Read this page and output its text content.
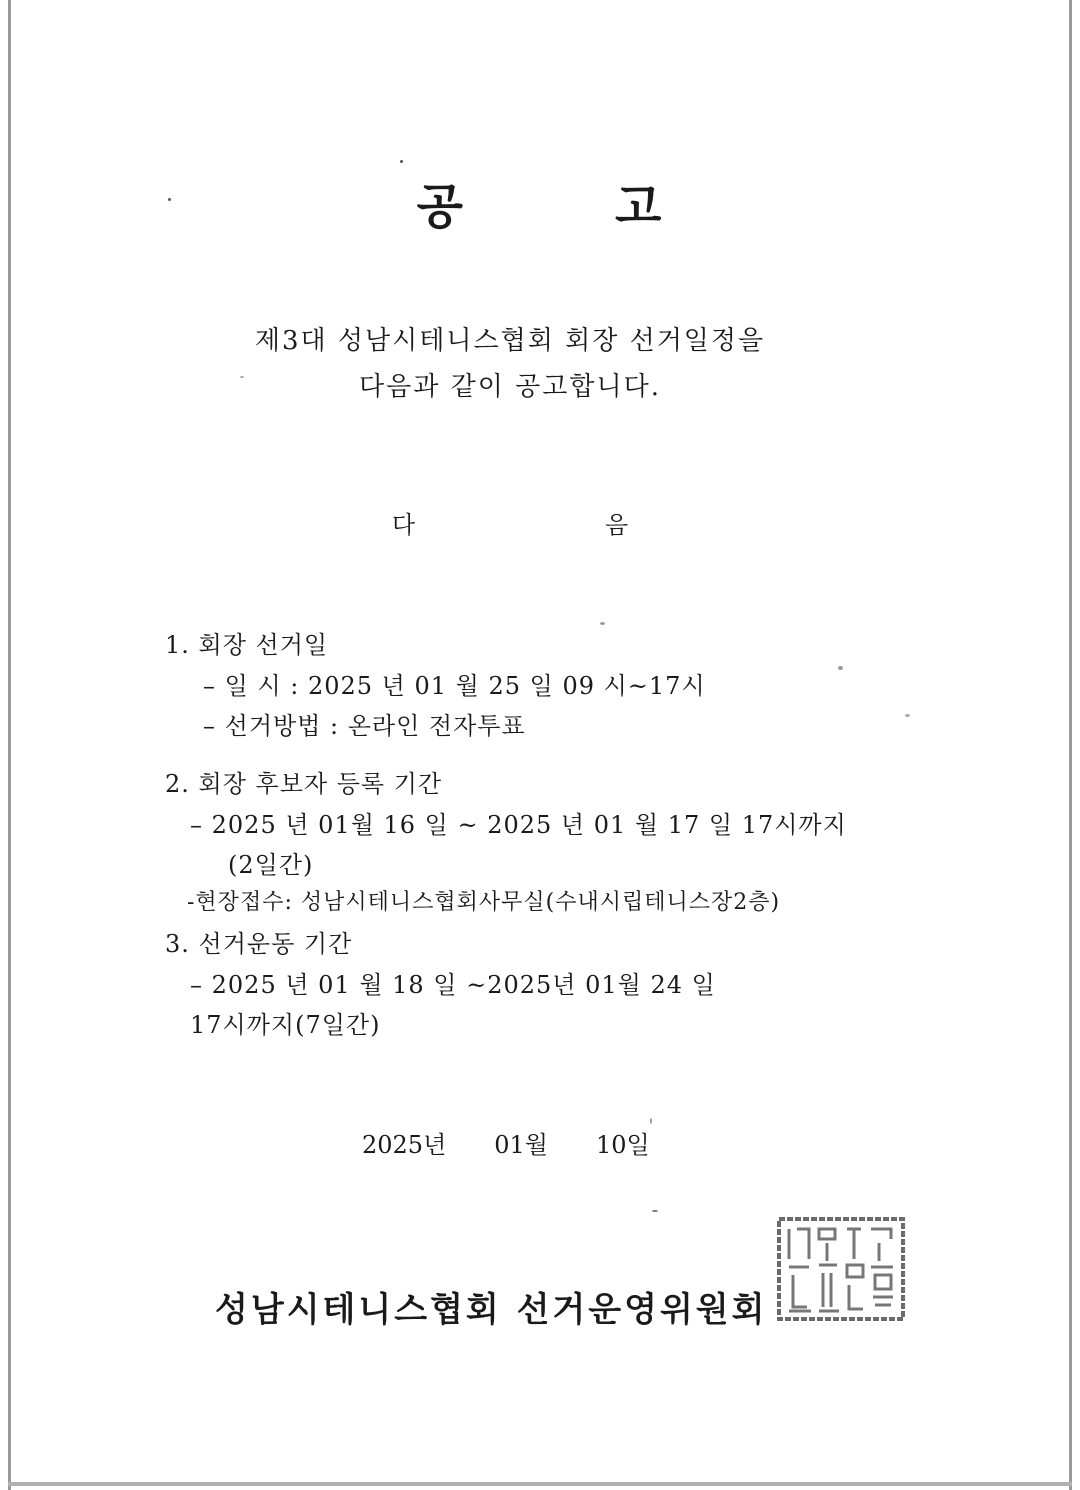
공	고
제3대 성남시테니스협회 회장 선거일정을
다음과 같이 공고합니다.
다	음
1. 회장 선거일
– 일 시 : 2025 년 01 월 25 일 09 시~17시
– 선거방법 : 온라인 전자투표
2. 회장 후보자 등록 기간
– 2025 년 01월 16 일 ~ 2025 년 01 월 17 일 17시까지
(2일간)
-현장접수: 성남시테니스협회사무실(수내시립테니스장2층)
3. 선거운동 기간
– 2025 년 01 월 18 일 ~2025년 01월 24 일
17시까지(7일간)
2025년 01월 10일
성남시테니스협회 선거운영위원회
